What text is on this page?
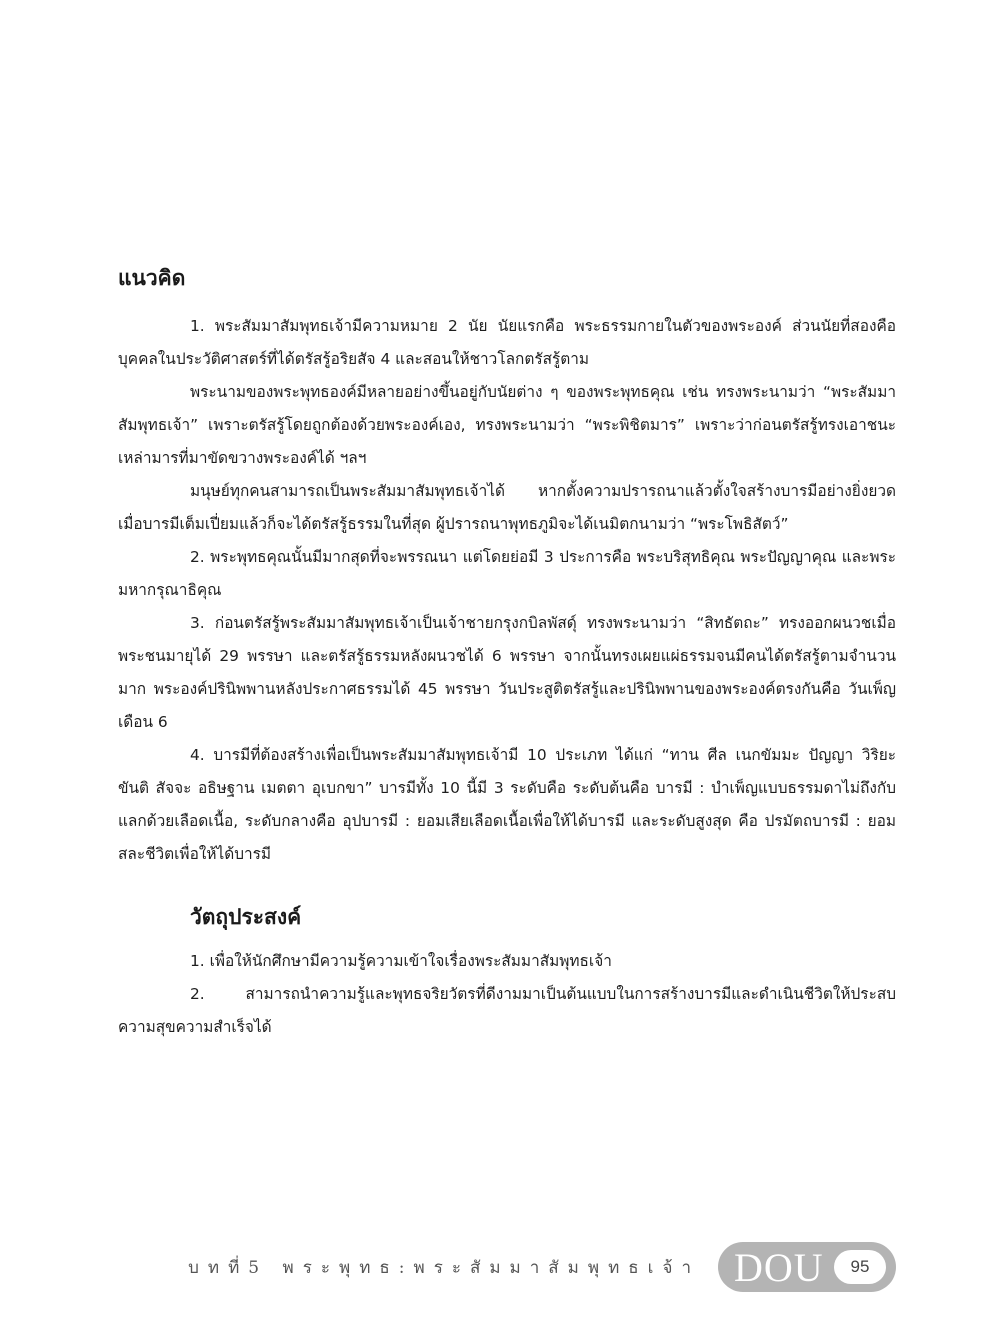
แนวคิด

1. พระสัมมาสัมพุทธเจ้ามีความหมาย 2 นัย นัยแรกคือ พระธรรมกายในตัวของพระองค์ ส่วนนัยที่สองคือ บุคคลในประวัติศาสตร์ที่ได้ตรัสรู้อริยสัจ 4 และสอนให้ชาวโลกตรัสรู้ตาม

พระนามของพระพุทธองค์มีหลายอย่างขึ้นอยู่กับนัยต่าง ๆ ของพระพุทธคุณ เช่น ทรงพระนามว่า “พระสัมมาสัมพุทธเจ้า” เพราะตรัสรู้โดยถูกต้องด้วยพระองค์เอง, ทรงพระนามว่า “พระพิชิตมาร” เพราะว่าก่อนตรัสรู้ทรงเอาชนะเหล่ามารที่มาขัดขวางพระองค์ได้ ฯลฯ

มนุษย์ทุกคนสามารถเป็นพระสัมมาสัมพุทธเจ้าได้ หากตั้งความปรารถนาแล้วตั้งใจสร้างบารมีอย่างยิ่งยวด เมื่อบารมีเต็มเปี่ยมแล้วก็จะได้ตรัสรู้ธรรมในที่สุด ผู้ปรารถนาพุทธภูมิจะได้เนมิตกนามว่า “พระโพธิสัตว์”

2. พระพุทธคุณนั้นมีมากสุดที่จะพรรณนา แต่โดยย่อมี 3 ประการคือ พระบริสุทธิคุณ พระปัญญาคุณ และพระมหากรุณาธิคุณ

3. ก่อนตรัสรู้พระสัมมาสัมพุทธเจ้าเป็นเจ้าชายกรุงกบิลพัสดุ์ ทรงพระนามว่า “สิทธัตถะ” ทรงออกผนวชเมื่อพระชนมายุได้ 29 พรรษา และตรัสรู้ธรรมหลังผนวชได้ 6 พรรษา จากนั้นทรงเผยแผ่ธรรมจนมีคนได้ตรัสรู้ตามจำนวนมาก พระองค์ปรินิพพานหลังประกาศธรรมได้ 45 พรรษา วันประสูติตรัสรู้และปรินิพพานของพระองค์ตรงกันคือ วันเพ็ญเดือน 6

4. บารมีที่ต้องสร้างเพื่อเป็นพระสัมมาสัมพุทธเจ้ามี 10 ประเภท ได้แก่ “ทาน ศีล เนกขัมมะ ปัญญา วิริยะ ขันติ สัจจะ อธิษฐาน เมตตา อุเบกขา” บารมีทั้ง 10 นี้มี 3 ระดับคือ ระดับต้นคือ บารมี : บำเพ็ญแบบธรรมดาไม่ถึงกับแลกด้วยเลือดเนื้อ, ระดับกลางคือ อุปบารมี : ยอมเสียเลือดเนื้อเพื่อให้ได้บารมี และระดับสูงสุด คือ ปรมัตถบารมี : ยอมสละชีวิตเพื่อให้ได้บารมี

วัตถุประสงค์

1. เพื่อให้นักศึกษามีความรู้ความเข้าใจเรื่องพระสัมมาสัมพุทธเจ้า

2. สามารถนำความรู้และพุทธจริยวัตรที่ดีงามมาเป็นต้นแบบในการสร้างบารมีและดำเนินชีวิตให้ประสบความสุขความสำเร็จได้

บทที่5 พระพุทธ:พระสัมมาสัมพุทธเจ้า DOU	95
